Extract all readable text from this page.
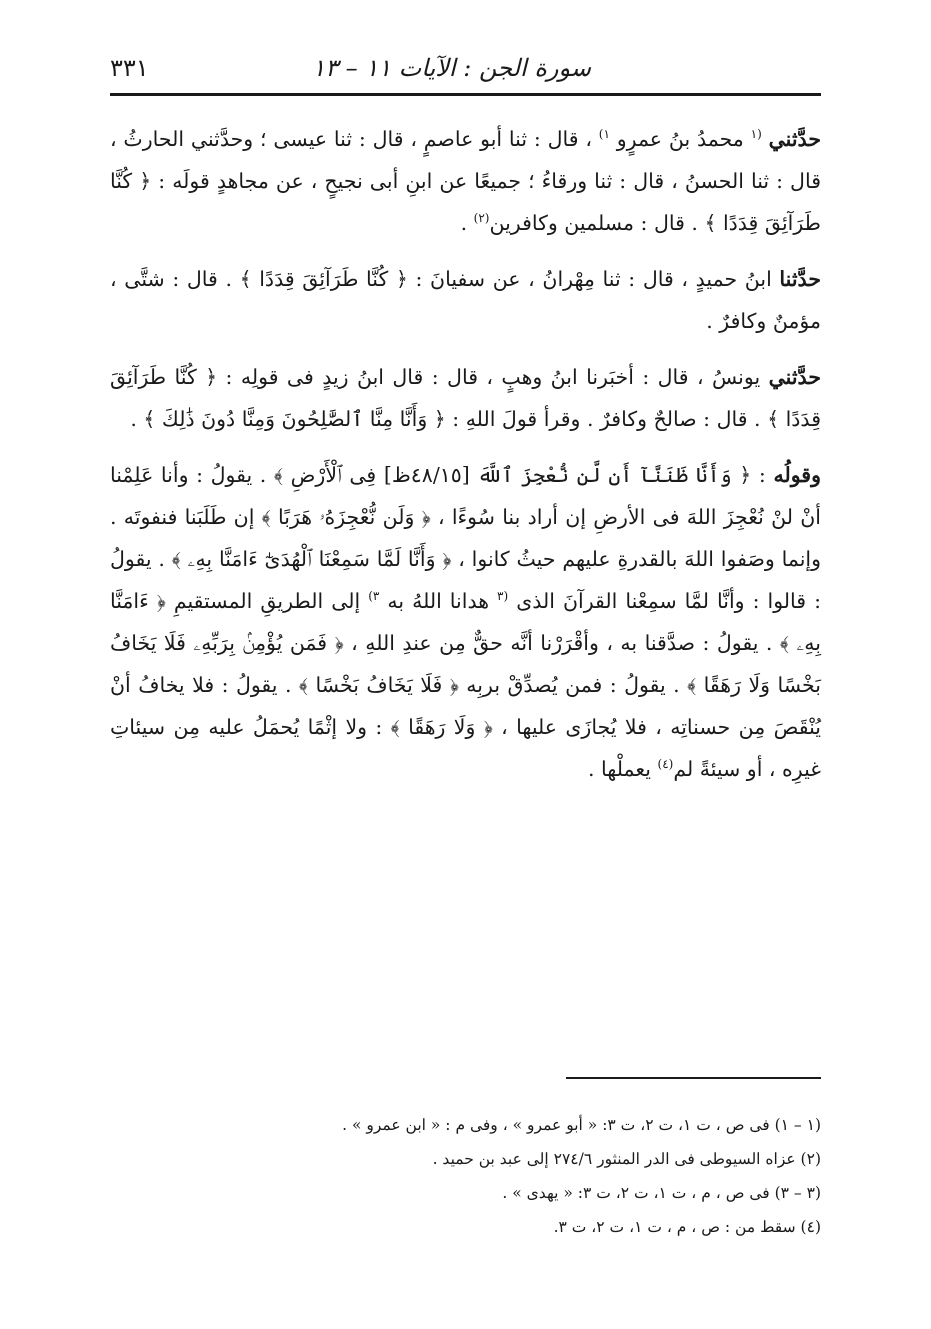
سورة الجن : الآيات ١١ – ١٣
٣٣١

حدَّثني $^{(١}$ محمدُ بنُ عمرٍو $^{١)}$ ، قال : ثنا أبو عاصمٍ ، قال : ثنا عيسى ؛ وحدَّثني الحارثُ ، قال : ثنا الحسنُ ، قال : ثنا ورقاءُ ؛ جميعًا عن ابنِ أبى نجيحٍ ، عن مجاهدٍ قولَه : ﴿ كُنَّا طَرَآئِقَ قِدَدًا ﴾ . قال : مسلمين وكافرين$^{(٢)}$ .

حدَّثنا ابنُ حميدٍ ، قال : ثنا مِهْرانُ ، عن سفيانَ : ﴿ كُنَّا طَرَآئِقَ قِدَدًا ﴾ . قال : شتَّى ، مؤمنٌ وكافرٌ .

حدَّثني يونسُ ، قال : أخبَرنا ابنُ وهبٍ ، قال : قال ابنُ زيدٍ فى قولِه : ﴿ كُنَّا طَرَآئِقَ قِدَدًا ﴾ . قال : صالحٌ وكافرٌ . وقرأ قولَ اللهِ : ﴿ وَأَنَّا مِنَّا ٱلصَّٰلِحُونَ وَمِنَّا دُونَ ذَٰلِكَ ﴾ .

وقولُه : ﴿ وَأَنَّا ظَنَنَّآ أَن لَّن نُّعْجِزَ ٱللَّهَ [٤٨/١٥ظ] فِى ٱلْأَرْضِ ﴾ . يقولُ : وأنا عَلِمْنا أنْ لنْ نُعْجِزَ اللهَ فى الأرضِ إن أراد بنا سُوءًا ، ﴿ وَلَن نُّعْجِزَهُۥ هَرَبًا ﴾ إن طَلَبَنا فنفوتَه . وإنما وصَفوا اللهَ بالقدرةِ عليهم حيثُ كانوا ، ﴿ وَأَنَّا لَمَّا سَمِعْنَا ٱلْهُدَىٰٓ ءَامَنَّا بِهِۦ ﴾ . يقولُ : قالوا : وأنَّا لمَّا سمِعْنا القرآنَ الذى $^{(٣}$ هدانا اللهُ به $^{٣)}$ إلى الطريقِ المستقيمِ ﴿ ءَامَنَّا بِهِۦ ﴾ . يقولُ : صدَّقنا به ، وأقْرَرْنا أنَّه حقٌّ مِن عندِ اللهِ ، ﴿ فَمَن يُؤْمِنۢ بِرَبِّهِۦ فَلَا يَخَافُ بَخْسًا وَلَا رَهَقًا ﴾ . يقولُ : فمن يُصدِّقْ بربِه ﴿ فَلَا يَخَافُ بَخْسًا ﴾ . يقولُ : فلا يخافُ أنْ يُنْقَصَ مِن حسناتِه ، فلا يُجازَى عليها ، ﴿ وَلَا رَهَقًا ﴾ : ولا إثْمًا يُحمَلُ عليه مِن سيئاتِ غيرِه ، أو سيئةً لم$^{(٤)}$ يعملْها .

(١ – ١) فى ص ، ت ١، ت ٢، ت ٣: « أبو عمرو » ، وفى م : « ابن عمرو » .

(٢) عزاه السيوطى فى الدر المنثور ٢٧٤/٦ إلى عبد بن حميد .

(٣ – ٣) فى ص ، م ، ت ١، ت ٢، ت ٣: « يهدى » .

(٤) سقط من : ص ، م ، ت ١، ت ٢، ت ٣.
